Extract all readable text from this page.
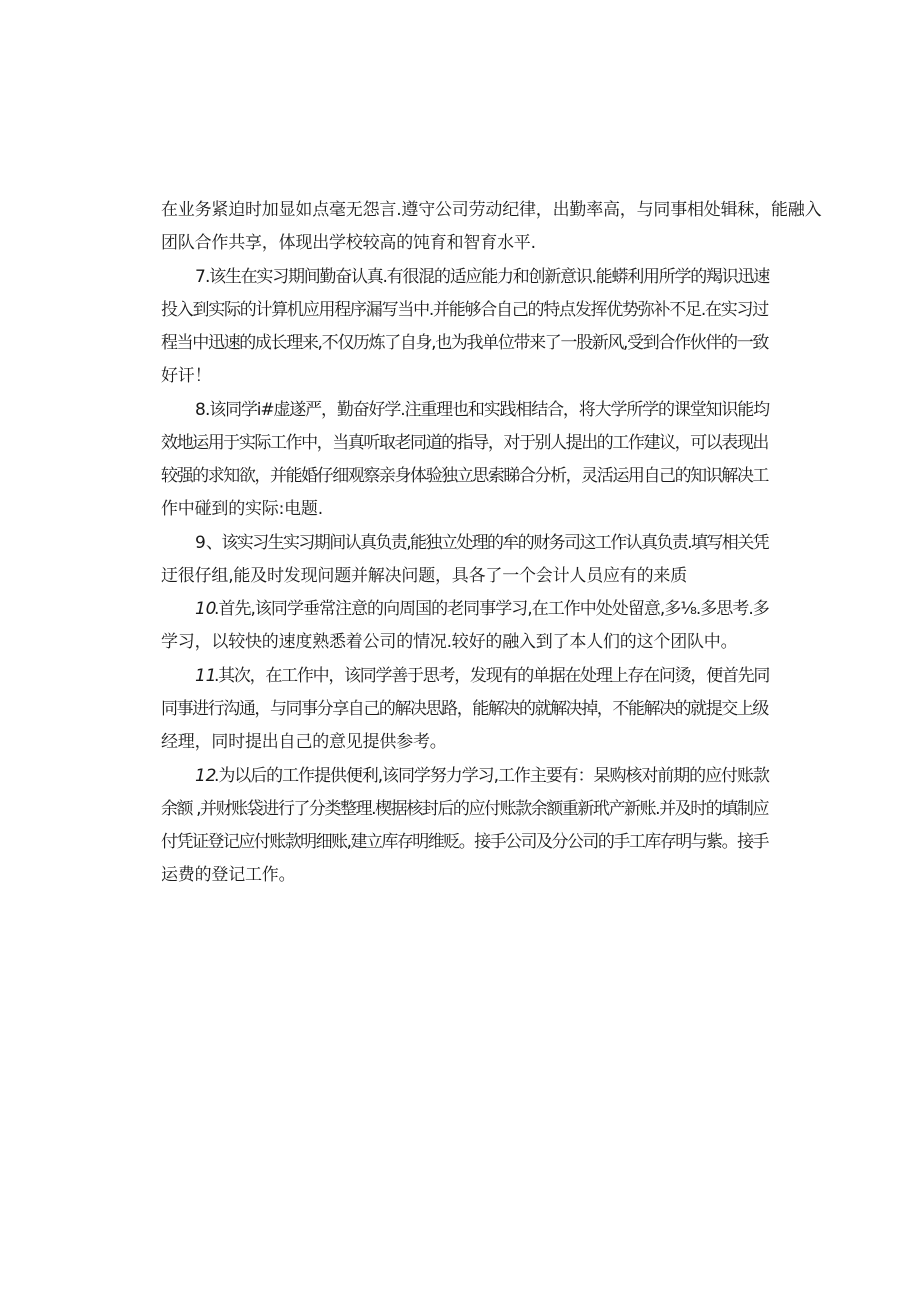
在业务紧迫时加显如点毫无怨言.遵守公司劳动纪律，出勤率高，与同事相处辑秣，能融入
团队合作共享，体现出学校较高的饨育和智育水平.
7 .该生在实习期间勤奋认真.有很混的适应能力和创新意识.能蟒利用所学的羯识迅速
投入到实际的计算机应用程序漏写当中.并能够合自己的特点发挥优势弥补不足.在实习过
程当中迅速的成长理来,不仅历炼了自身,也为我单位带来了一股新风,受到合作伙伴的一致
好讦！
8 .该同学i#虚遂严，勤奋好学.注重理也和实践相结合，将大学所学的课堂知识能均
效地运用于实际工作中，当真听取老同道的指导，对于别人提出的工作建议，可以表现出
较强的求知欲，并能婚仔细观察亲身体验独立思索睇合分析，灵活运用自己的知识解决工
作中碰到的实际:电题.
9 、该实习生实习期间认真负责,能独立处理的牟的财务司这工作认真负责.填写相关凭
迂很仔组,能及时发现问题并解决问题，具各了一个会计人员应有的来质
10
.首先,该同学垂常注意的向周国的老同事学习,在工作中处处留意,多⅛.多思考.多
学习，以较快的速度熟悉着公司的情况.较好的融入到了本人们的这个团队中。
11
.其次，在工作中，该同学善于思考，发现有的单据在处理上存在问烫，便首先同
同事进行沟通，与同事分享自己的解决思路，能解决的就解决掉，不能解决的就提交上级
经理，同时提出自己的意见提供参考。
12
.为以后的工作提供便利,该同学努力学习,工作主要有：杲购核对前期的应付账款
余额 ,并财账袋进行了分类整理.楔据核封后的应付账款余额重新玳产新账.并及时的填制应
付凭证登记应付账款明细账,建立库存明维贬。接手公司及分公司的手工库存明与紫。接手
运费的登记工作。
